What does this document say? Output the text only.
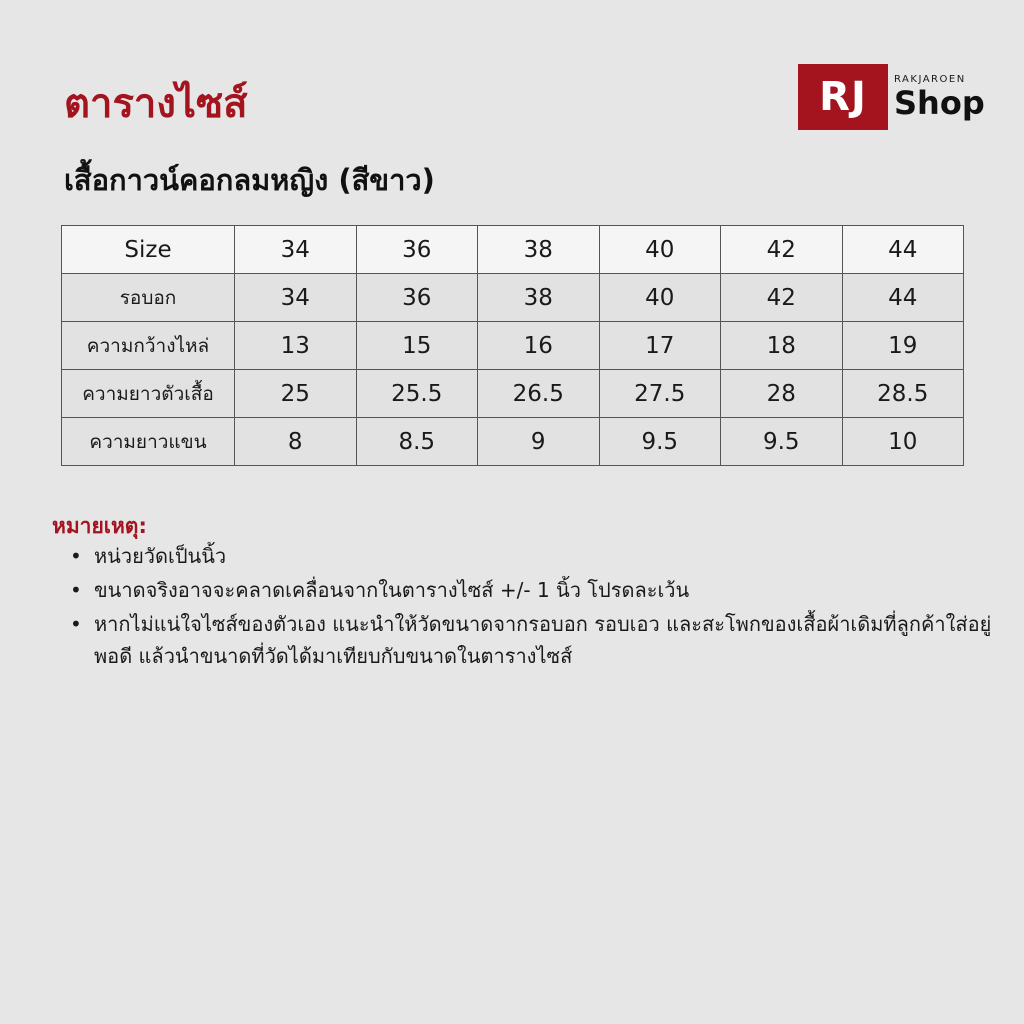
ตารางไซส์	RJ	RAKJAROEN
Shop
เสื้อกาวน์คอกลมหญิง (สีขาว)
Size	34	36	38	40	42	44
รอบอก	34	36	38	40	42	44
ความกว้างไหล่	13	15	16	17	18	19
ความยาวตัวเสื้อ	25	25.5	26.5	27.5	28	28.5
ความยาวแขน	8	8.5	9	9.5	9.5	10

หมายเหตุ:

• หน่วยวัดเป็นนิ้ว
• ขนาดจริงอาจจะคลาดเคลื่อนจากในตารางไซส์ +/- 1 นิ้ว โปรดละเว้น
• หากไม่แน่ใจไซส์ของตัวเอง แนะนำให้วัดขนาดจากรอบอก รอบเอว และสะโพกของเสื้อผ้าเดิมที่ลูกค้าใส่อยู่พอดี แล้วนำขนาดที่วัดได้มาเทียบกับขนาดในตารางไซส์
